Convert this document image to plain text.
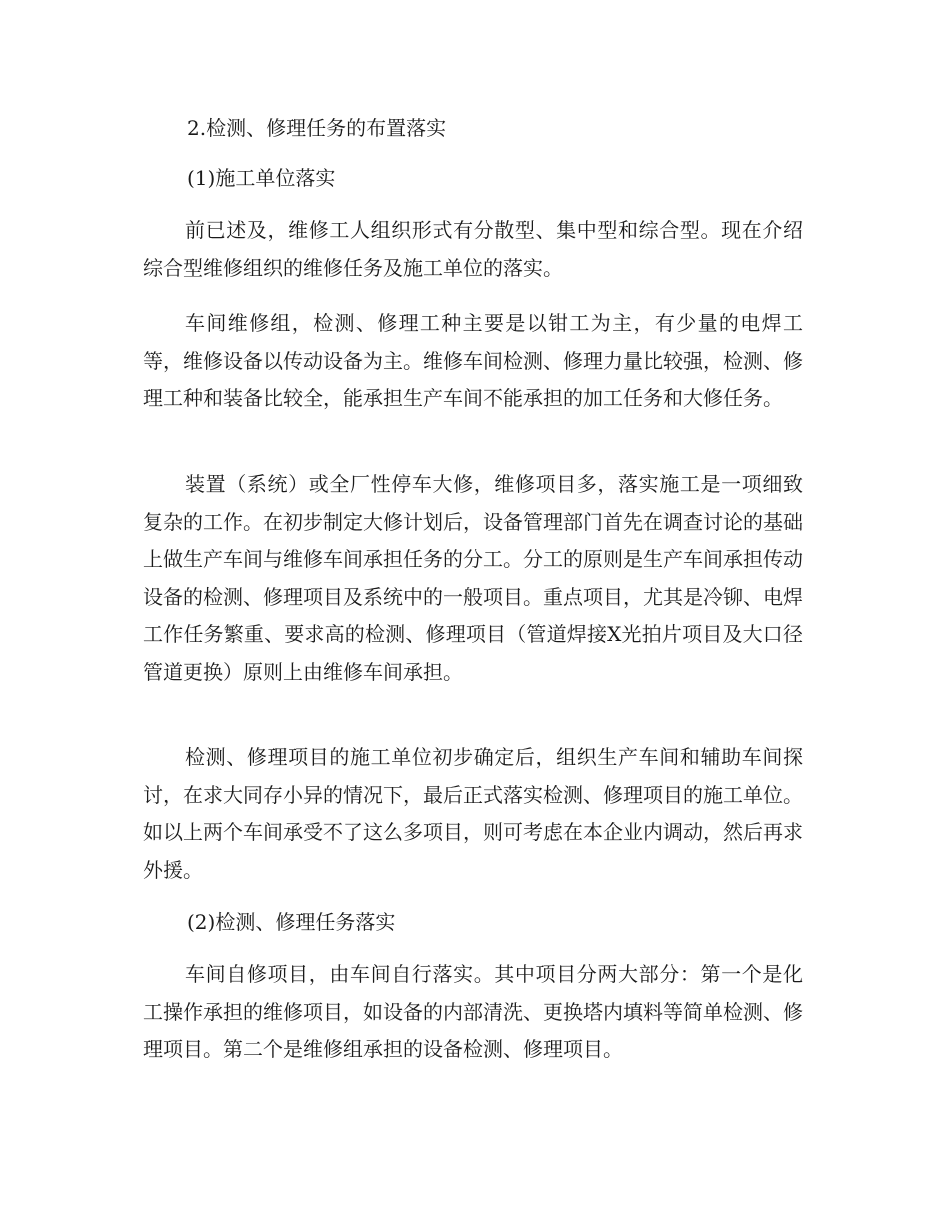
2.检测、修理任务的布置落实
(1)施工单位落实

前已述及，维修工人组织形式有分散型、集中型和综合型。现在介绍综合型维修组织的维修任务及施工单位的落实。

车间维修组，检测、修理工种主要是以钳工为主，有少量的电焊工等，维修设备以传动设备为主。维修车间检测、修理力量比较强，检测、修理工种和装备比较全，能承担生产车间不能承担的加工任务和大修任务。

装置（系统）或全厂性停车大修，维修项目多，落实施工是一项细致复杂的工作。在初步制定大修计划后，设备管理部门首先在调查讨论的基础上做生产车间与维修车间承担任务的分工。分工的原则是生产车间承担传动设备的检测、修理项目及系统中的一般项目。重点项目，尤其是冷铆、电焊工作任务繁重、要求高的检测、修理项目（管道焊接X光拍片项目及大口径管道更换）原则上由维修车间承担。

检测、修理项目的施工单位初步确定后，组织生产车间和辅助车间探讨，在求大同存小异的情况下，最后正式落实检测、修理项目的施工单位。如以上两个车间承受不了这么多项目，则可考虑在本企业内调动，然后再求外援。

(2)检测、修理任务落实

车间自修项目，由车间自行落实。其中项目分两大部分：第一个是化工操作承担的维修项目，如设备的内部清洗、更换塔内填料等简单检测、修理项目。第二个是维修组承担的设备检测、修理项目。
